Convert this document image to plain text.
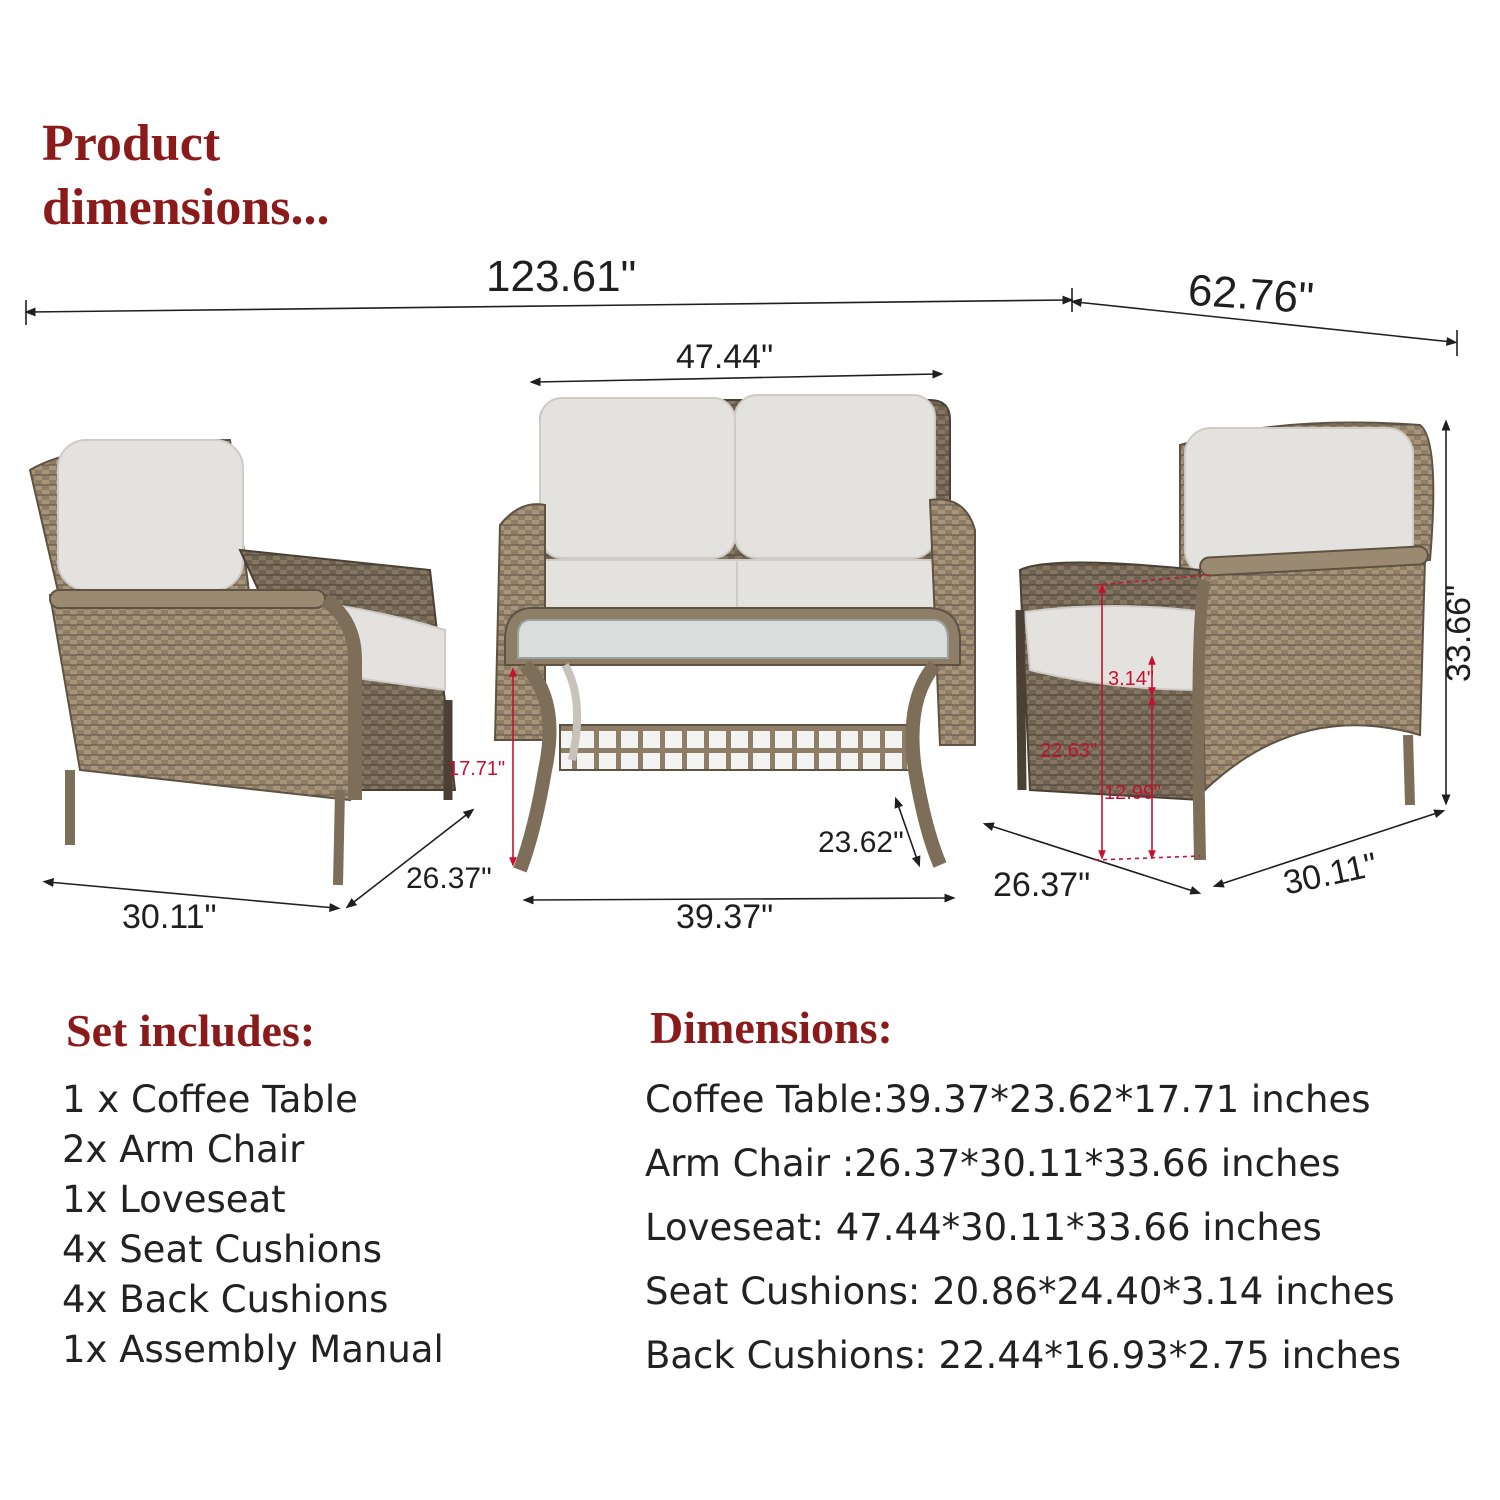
Product
dimensions...
123.61"	62.76"
47.44"
33.66"
30.11"
26.37"
17.71"
39.37"
23.62"
26.37"	30.11"
22.63"
12.99"
3.14"
Set includes:
1 x Coffee Table
2x Arm Chair
1x Loveseat
4x Seat Cushions
4x Back Cushions
1x Assembly Manual
Dimensions:
Coffee Table:39.37*23.62*17.71 inches
Arm Chair :26.37*30.11*33.66 inches
Loveseat: 47.44*30.11*33.66 inches
Seat Cushions: 20.86*24.40*3.14 inches
Back Cushions: 22.44*16.93*2.75 inches
